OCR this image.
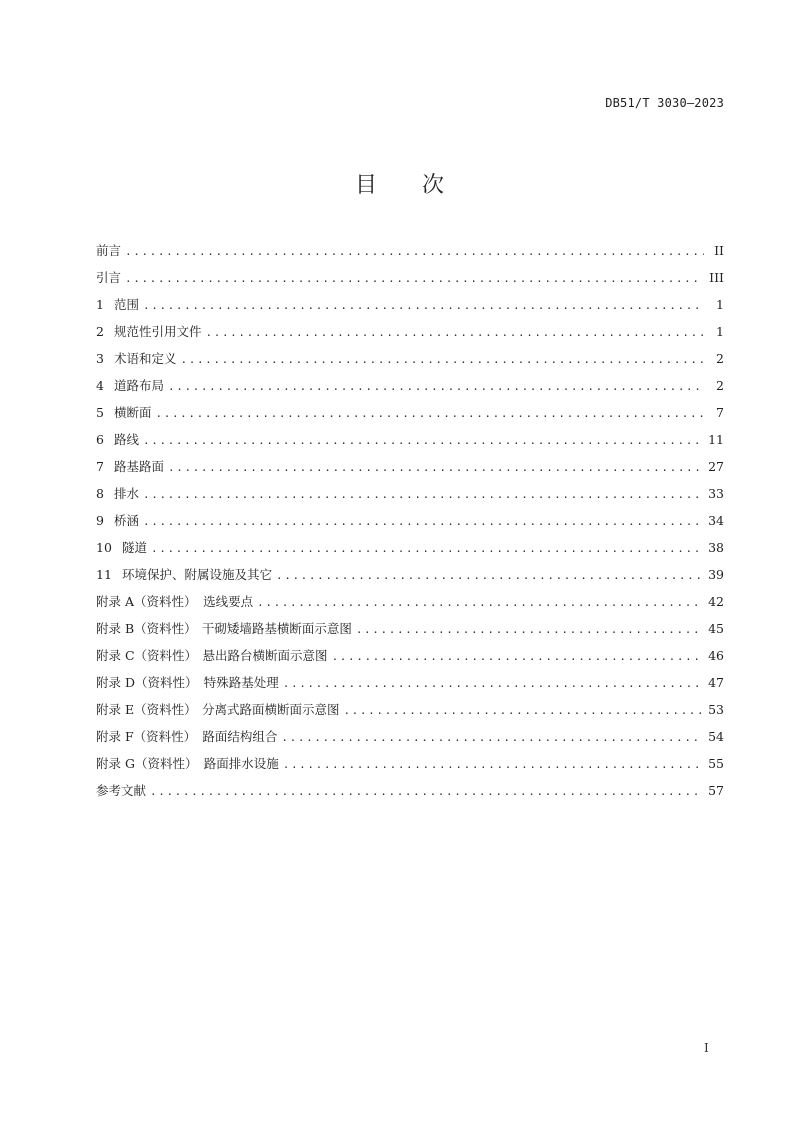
DB51/T 3030—2023
目 次
前言 .....	II
引言 .....	III
1 范围 .....	1
2 规范性引用文件 .....	1
3 术语和定义 .....	2
4 道路布局 .....	2
5 横断面 .....	7
6 路线 .....	11
7 路基路面 .....	27
8 排水 .....	33
9 桥涵 .....	34
10 隧道 .....	38
11 环境保护、附属设施及其它 .....	39
附录 A（资料性） 选线要点 .....	42
附录 B（资料性） 干砌矮墙路基横断面示意图 .....	45
附录 C（资料性） 悬出路台横断面示意图 .....	46
附录 D（资料性） 特殊路基处理 .....	47
附录 E（资料性） 分离式路面横断面示意图 .....	53
附录 F（资料性） 路面结构组合 .....	54
附录 G（资料性） 路面排水设施 .....	55
参考文献 .....	57
I
